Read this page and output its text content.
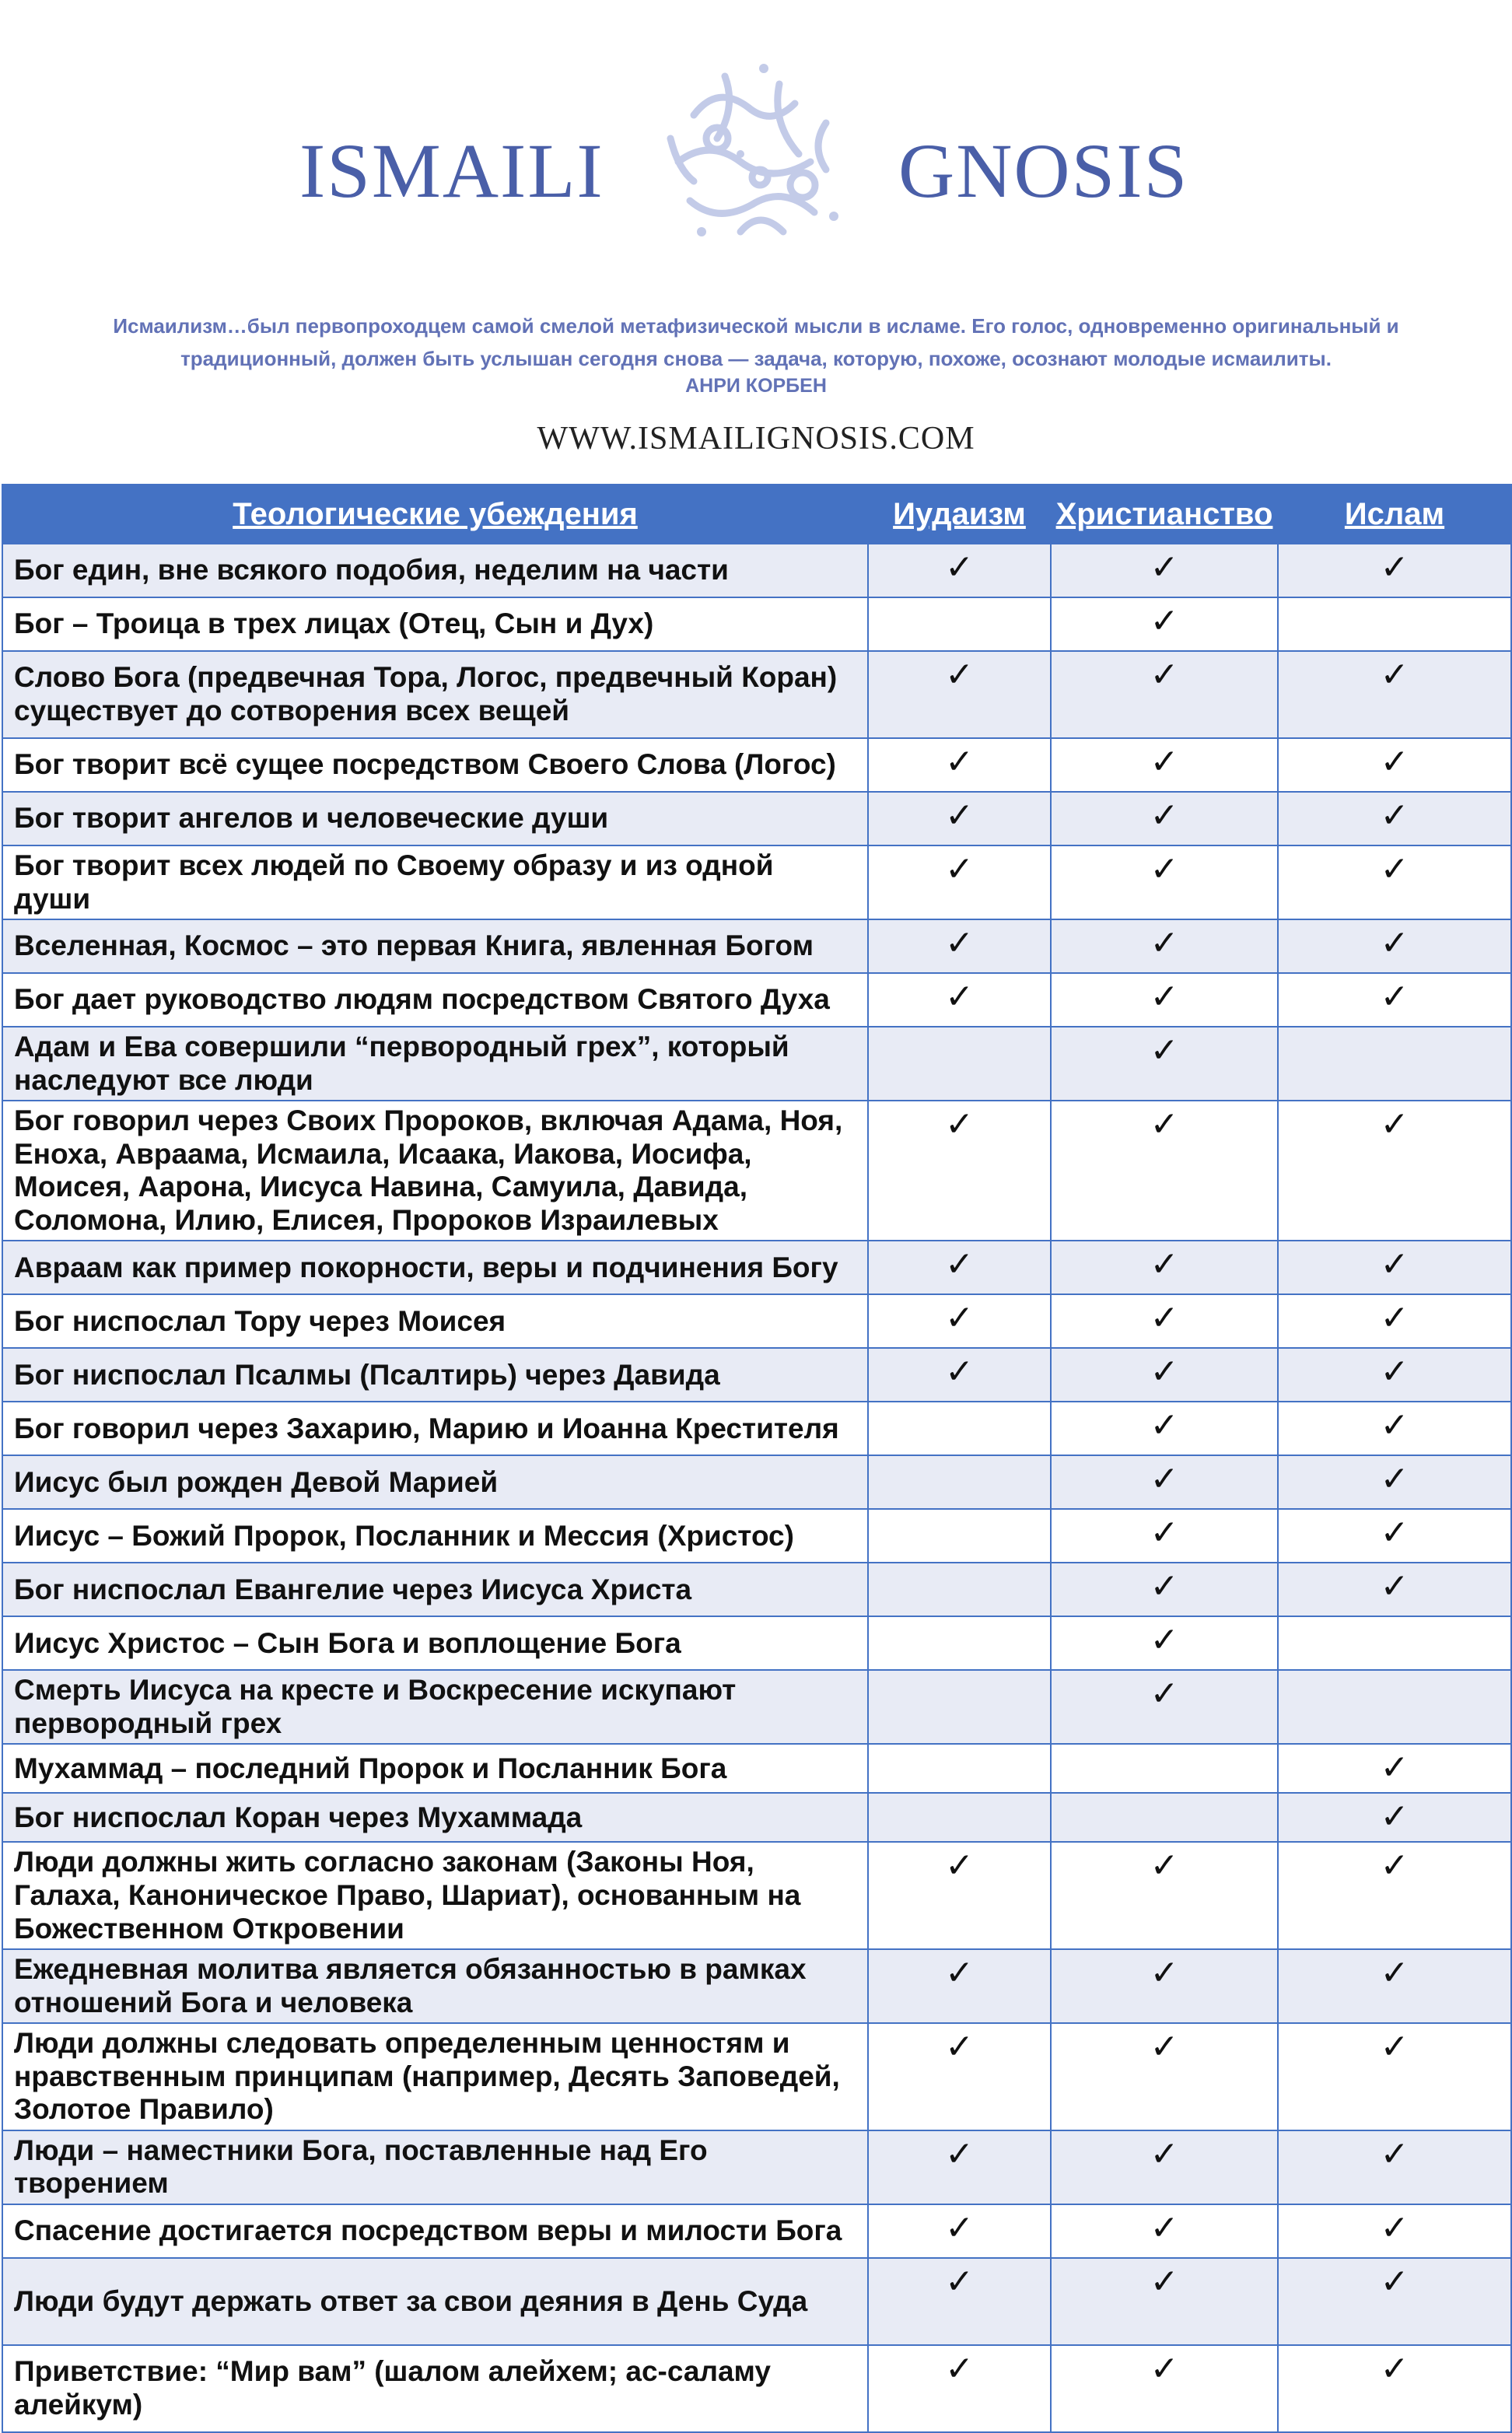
ISMAILI	GNOSIS
Исмаилизм…был первопроходцем самой смелой метафизической мысли в исламе. Его голос, одновременно оригинальный и
традиционный, должен быть услышан сегодня снова — задача, которую, похоже, осознают молодые исмаилиты.
АНРИ КОРБЕН
WWW.ISMAILIGNOSIS.COM
Теологические убеждения	Иудаизм	Христианство	Ислам
Бог един, вне всякого подобия, неделим на части	✓	✓	✓
Бог – Троица в трех лицах (Отец, Сын и Дух)		✓	
Слово Бога (предвечная Тора, Логос, предвечный Коран) существует до сотворения всех вещей	✓	✓	✓
Бог творит всё сущее посредством Своего Слова (Логос)	✓	✓	✓
Бог творит ангелов и человеческие души	✓	✓	✓
Бог творит всех людей по Своему образу и из одной души	✓	✓	✓
Вселенная, Космос – это первая Книга, явленная Богом	✓	✓	✓
Бог дает руководство людям посредством Святого Духа	✓	✓	✓
Адам и Ева совершили “первородный грех”, который наследуют все люди		✓	
Бог говорил через Своих Пророков, включая Адама, Ноя, Еноха, Авраама, Исмаила, Исаака, Иакова, Иосифа, Моисея, Аарона, Иисуса Навина, Самуила, Давида, Соломона, Илию, Елисея, Пророков Израилевых	✓	✓	✓
Авраам как пример покорности, веры и подчинения Богу	✓	✓	✓
Бог ниспослал Тору через Моисея	✓	✓	✓
Бог ниспослал Псалмы (Псалтирь) через Давида	✓	✓	✓
Бог говорил через Захарию, Марию и Иоанна Крестителя		✓	✓
Иисус был рожден Девой Марией		✓	✓
Иисус – Божий Пророк, Посланник и Мессия (Христос)		✓	✓
Бог ниспослал Евангелие через Иисуса Христа		✓	✓
Иисус Христос – Сын Бога и воплощение Бога		✓	
Смерть Иисуса на кресте и Воскресение искупают первородный грех		✓	
Мухаммад – последний Пророк и Посланник Бога			✓
Бог ниспослал Коран через Мухаммада			✓
Люди должны жить согласно законам (Законы Ноя, Галаха, Каноническое Право, Шариат), основанным на Божественном Откровении	✓	✓	✓
Ежедневная молитва является обязанностью в рамках отношений Бога и человека	✓	✓	✓
Люди должны следовать определенным ценностям и нравственным принципам (например, Десять Заповедей, Золотое Правило)	✓	✓	✓
Люди – наместники Бога, поставленные над Его творением	✓	✓	✓
Спасение достигается посредством веры и милости Бога	✓	✓	✓
Люди будут держать ответ за свои деяния в День Суда	✓	✓	✓
Приветствие: “Мир вам” (шалом алейхем; ас-саламу алейкум)	✓	✓	✓
